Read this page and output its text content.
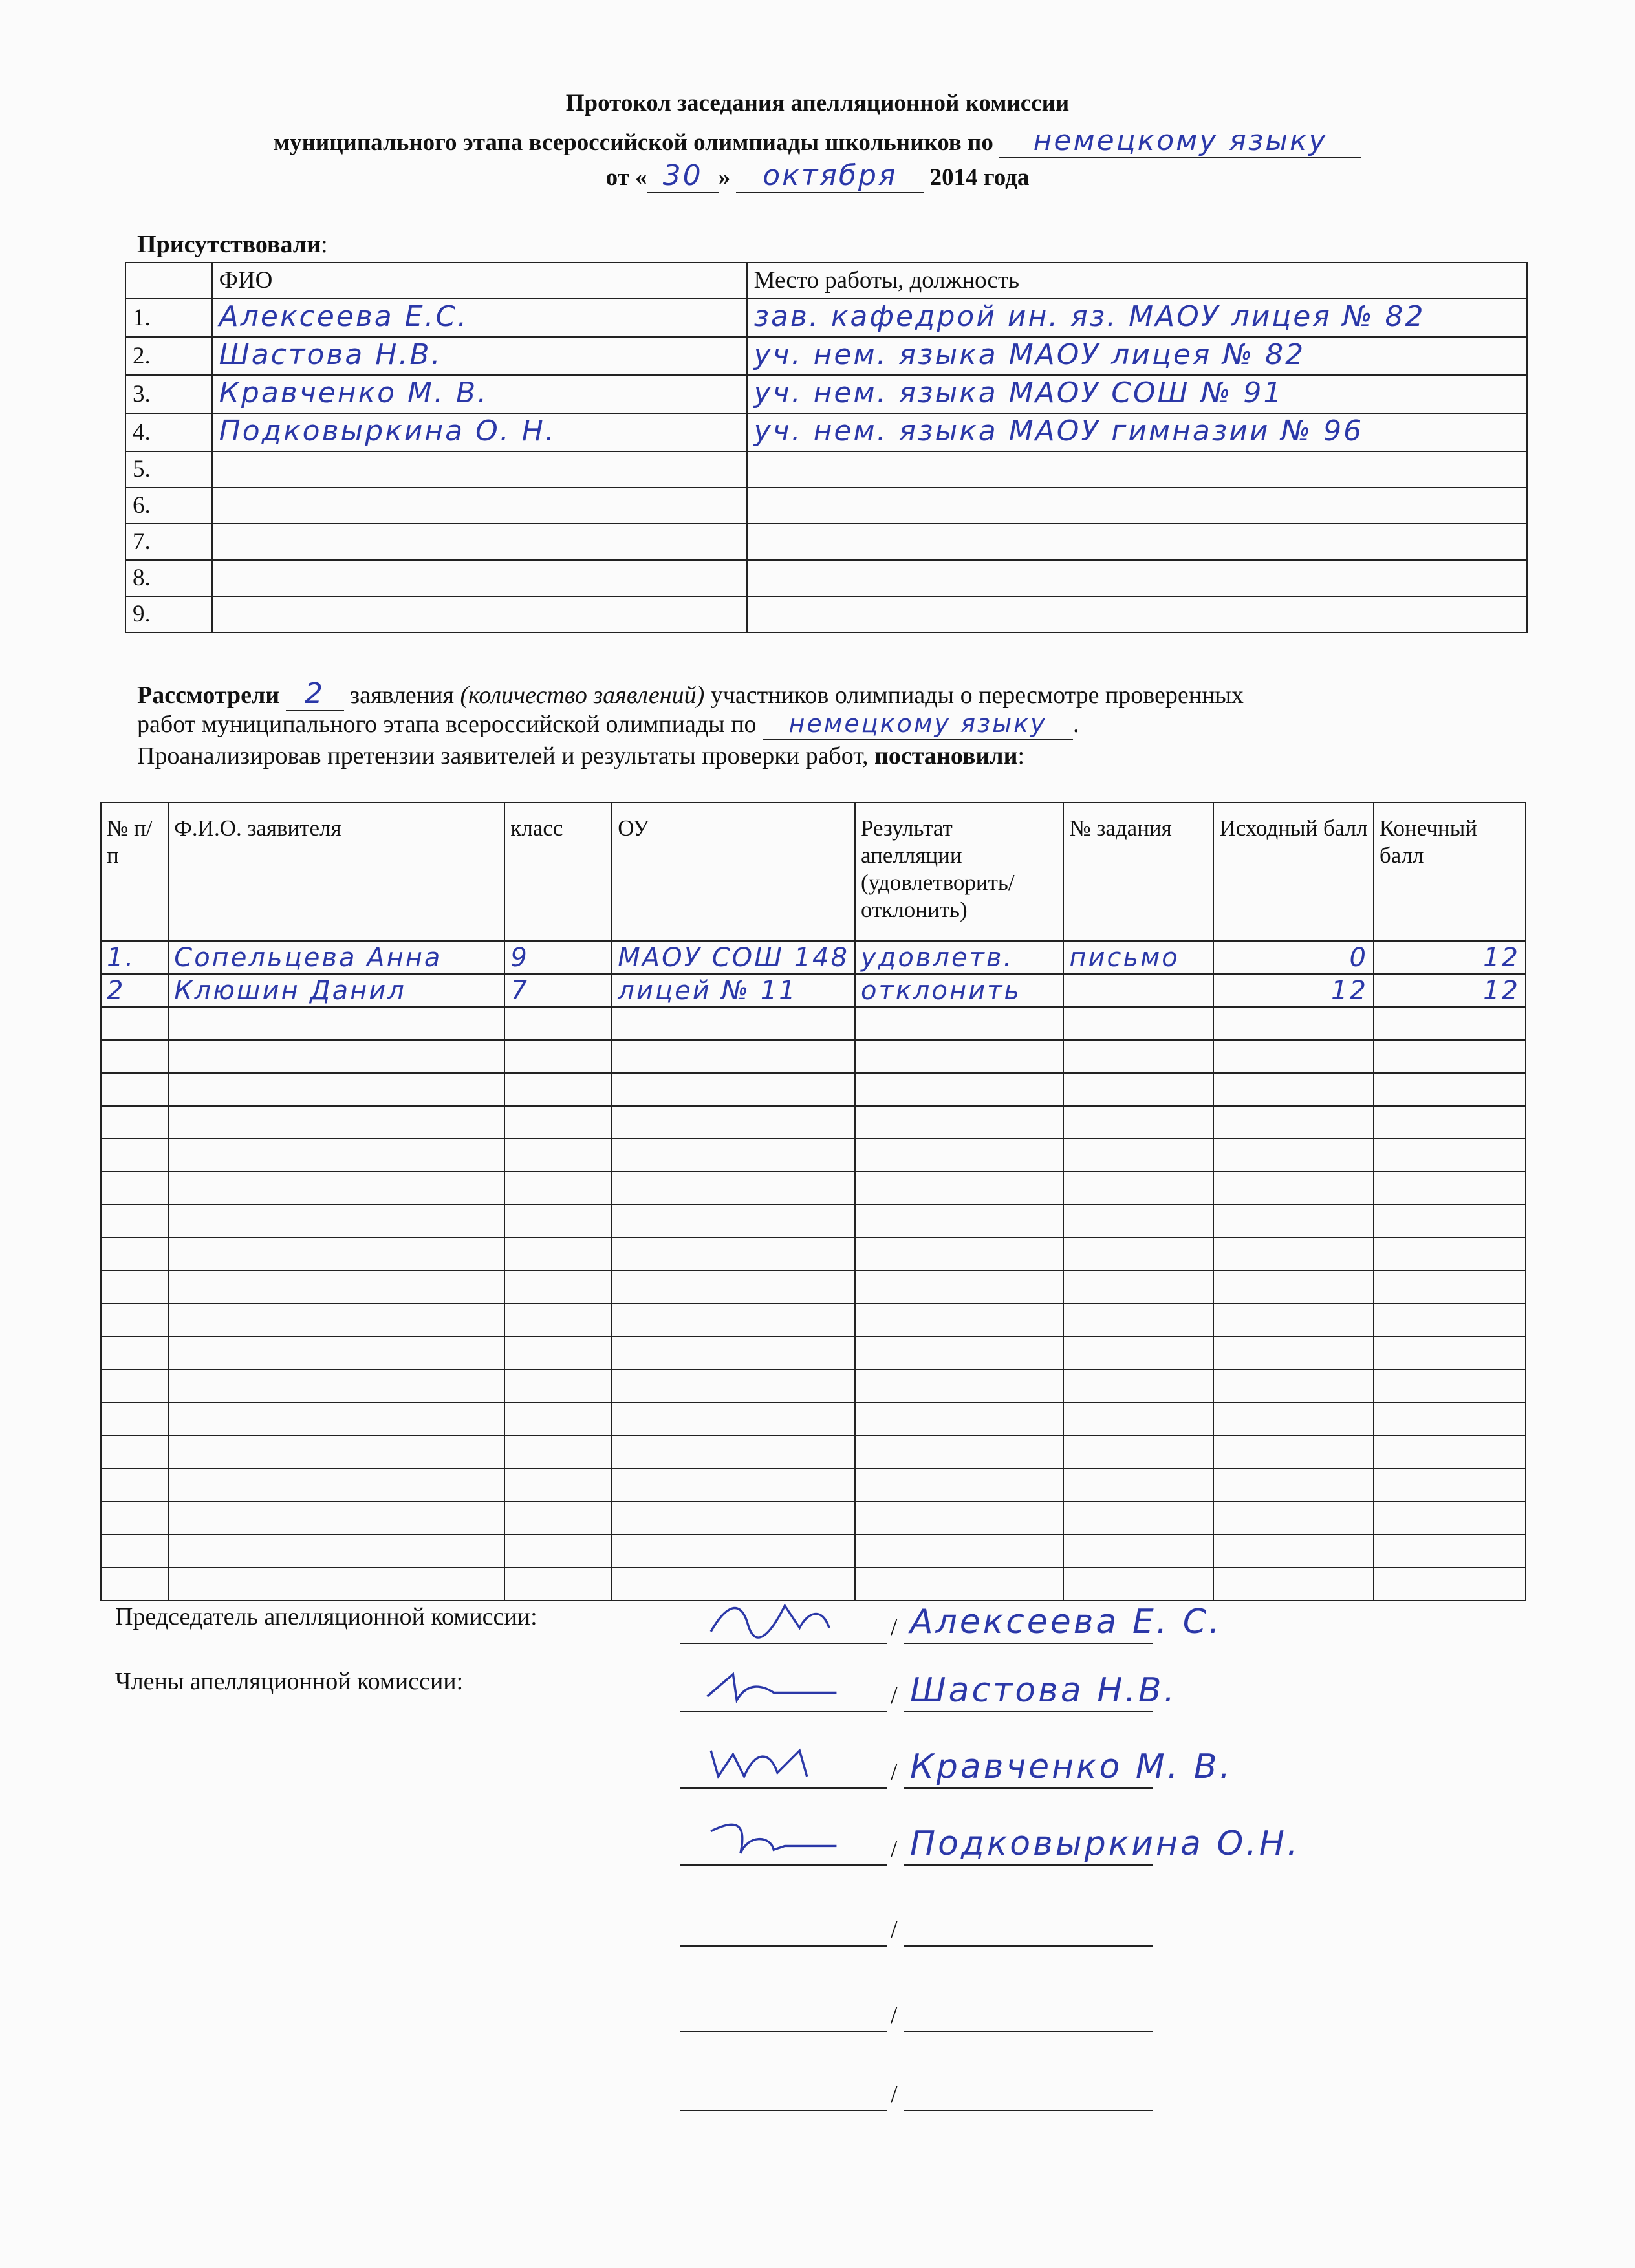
Протокол заседания апелляционной комиссии
муниципального этапа всероссийской олимпиады школьников по немецкому языку
от « 30 » октября 2014 года
Присутствовали:
	ФИО	Место работы, должность
1.	Алексеева Е.С.	зав. кафедрой ин. яз. МАОУ лицея № 82
2.	Шастова Н.В.	уч. нем. языка МАОУ лицея № 82
3.	Кравченко М. В.	уч. нем. языка МАОУ СОШ № 91
4.	Подковыркина О. Н.	уч. нем. языка МАОУ гимназии № 96
5.		
6.		
7.		
8.		
9.		
Рассмотрели 2 заявления (количество заявлений) участников олимпиады о пересмотре проверенных
работ муниципального этапа всероссийской олимпиады по немецкому языку .
Проанализировав претензии заявителей и результаты проверки работ, постановили:
№ п/п	Ф.И.О. заявителя	класс	ОУ	Результат апелляции (удовлетворить/ отклонить)	№ задания	Исходный балл	Конечный балл
1.	Сопельцева Анна	9	МАОУ СОШ 148	удовлетв.	письмо	0	12
2	Клюшин Данил	7	лицей № 11	отклонить		12	12

Председатель апелляционной комиссии:
Члены апелляционной комиссии:
/ Алексеева Е. С.
/ Шастова Н.В.
/ Кравченко М. В.
/ Подковыркина О.Н.
/
/
/
